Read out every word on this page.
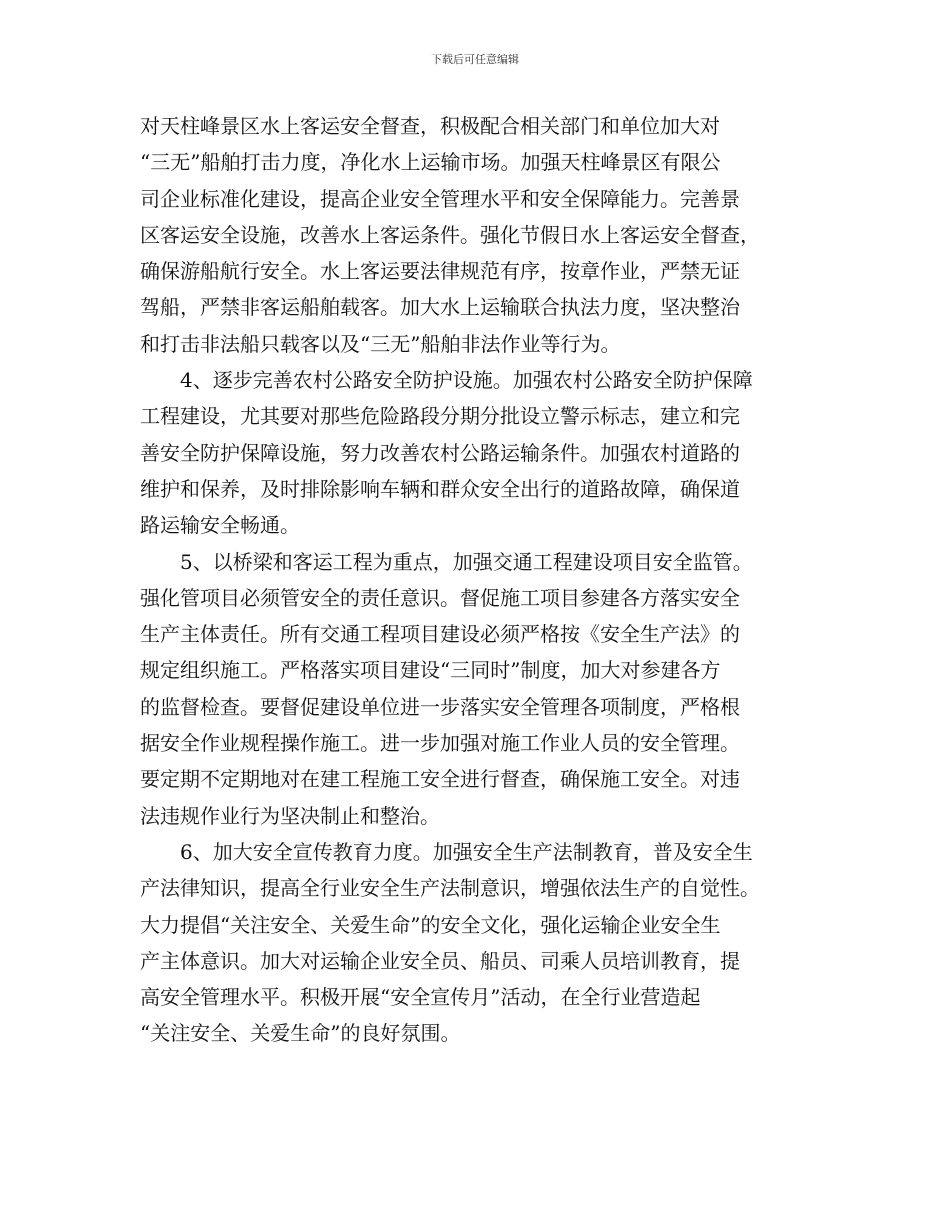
下载后可任意编辑
对天柱峰景区水上客运安全督查，积极配合相关部门和单位加大对
“三无”船舶打击力度，净化水上运输市场。加强天柱峰景区有限公
司企业标准化建设，提高企业安全管理水平和安全保障能力。完善景
区客运安全设施，改善水上客运条件。强化节假日水上客运安全督查，
确保游船航行安全。水上客运要法律规范有序，按章作业，严禁无证
驾船，严禁非客运船舶载客。加大水上运输联合执法力度，坚决整治
和打击非法船只载客以及“三无”船舶非法作业等行为。
4、逐步完善农村公路安全防护设施。加强农村公路安全防护保障
工程建设，尤其要对那些危险路段分期分批设立警示标志，建立和完
善安全防护保障设施，努力改善农村公路运输条件。加强农村道路的
维护和保养，及时排除影响车辆和群众安全出行的道路故障，确保道
路运输安全畅通。
5、以桥梁和客运工程为重点，加强交通工程建设项目安全监管。
强化管项目必须管安全的责任意识。督促施工项目参建各方落实安全
生产主体责任。所有交通工程项目建设必须严格按《安全生产法》的
规定组织施工。严格落实项目建设“三同时”制度，加大对参建各方
的监督检查。要督促建设单位进一步落实安全管理各项制度，严格根
据安全作业规程操作施工。进一步加强对施工作业人员的安全管理。
要定期不定期地对在建工程施工安全进行督查，确保施工安全。对违
法违规作业行为坚决制止和整治。
6、加大安全宣传教育力度。加强安全生产法制教育，普及安全生
产法律知识，提高全行业安全生产法制意识，增强依法生产的自觉性。
大力提倡“关注安全、关爱生命”的安全文化，强化运输企业安全生
产主体意识。加大对运输企业安全员、船员、司乘人员培训教育，提
高安全管理水平。积极开展“安全宣传月”活动，在全行业营造起
“关注安全、关爱生命”的良好氛围。
